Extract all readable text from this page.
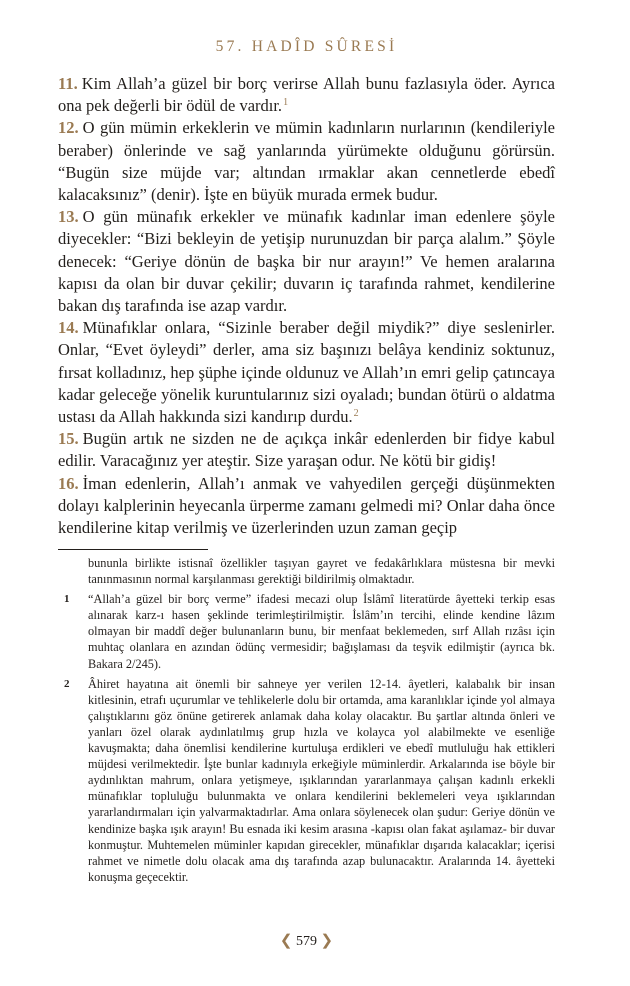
57. HADÎD SÛRESİ

11. Kim Allah’a güzel bir borç verirse Allah bunu fazlasıyla öder. Ayrıca ona pek değerli bir ödül de vardır.$^1$

12. O gün mümin erkeklerin ve mümin kadınların nurlarının (kendileriyle beraber) önlerinde ve sağ yanlarında yürümekte olduğunu görürsün. “Bugün size müjde var; altından ırmaklar akan cennetlerde ebedî kalacaksınız” (denir). İşte en büyük murada ermek budur.

13. O gün münafık erkekler ve münafık kadınlar iman edenlere şöyle diyecekler: “Bizi bekleyin de yetişip nurunuzdan bir parça alalım.” Şöyle denecek: “Geriye dönün de başka bir nur arayın!” Ve hemen aralarına kapısı da olan bir duvar çekilir; duvarın iç tarafında rahmet, kendilerine bakan dış tarafında ise azap vardır.

14. Münafıklar onlara, “Sizinle beraber değil miydik?” diye seslenirler. Onlar, “Evet öyleydi” derler, ama siz başınızı belâya kendiniz soktunuz, fırsat kolladınız, hep şüphe içinde oldunuz ve Allah’ın emri gelip çatıncaya kadar geleceğe yönelik kuruntularınız sizi oyaladı; bundan ötürü o aldatma ustası da Allah hakkında sizi kandırıp durdu.$^2$

15. Bugün artık ne sizden ne de açıkça inkâr edenlerden bir fidye kabul edilir. Varacağınız yer ateştir. Size yaraşan odur. Ne kötü bir gidiş!

16. İman edenlerin, Allah’ı anmak ve vahyedilen gerçeği düşünmekten dolayı kalplerinin heyecanla ürperme zamanı gelmedi mi? Onlar daha önce kendilerine kitap verilmiş ve üzerlerinden uzun zaman geçip

bununla birlikte istisnaî özellikler taşıyan gayret ve fedakârlıklara müstesna bir mevki tanınmasının normal karşılanması gerektiği bildirilmiş olmaktadır.

1 “Allah’a güzel bir borç verme” ifadesi mecazi olup İslâmî literatürde âyetteki terkip esas alınarak karz-ı hasen şeklinde terimleştirilmiştir. İslâm’ın tercihi, elinde kendine lâzım olmayan bir maddî değer bulunanların bunu, bir menfaat beklemeden, sırf Allah rızâsı için muhtaç olanlara en azından ödünç vermesidir; bağışlaması da teşvik edilmiştir (ayrıca bk. Bakara 2/245).

2 Âhiret hayatına ait önemli bir sahneye yer verilen 12-14. âyetleri, kalabalık bir insan kitlesinin, etrafı uçurumlar ve tehlikelerle dolu bir ortamda, ama karanlıklar içinde yol almaya çalıştıklarını göz önüne getirerek anlamak daha kolay olacaktır. Bu şartlar altında önleri ve yanları özel olarak aydınlatılmış grup hızla ve kolayca yol alabilmekte ve esenliğe kavuşmakta; daha önemlisi kendilerine kurtuluşa erdikleri ve ebedî mutluluğu hak ettikleri müjdesi verilmektedir. İşte bunlar kadınıyla erkeğiyle müminlerdir. Arkalarında ise böyle bir aydınlıktan mahrum, onlara yetişmeye, ışıklarından yararlanmaya çalışan kadınlı erkekli münafıklar topluluğu bulunmakta ve onlara kendilerini beklemeleri veya ışıklarından yararlandırmaları için yalvarmaktadırlar. Ama onlara söylenecek olan şudur: Geriye dönün ve kendinize başka ışık arayın! Bu esnada iki kesim arasına -kapısı olan fakat aşılamaz- bir duvar konmuştur. Muhtemelen müminler kapıdan girecekler, münafıklar dışarıda kalacaklar; içerisi rahmet ve nimetle dolu olacak ama dış tarafında azap bulunacaktır. Aralarında 14. âyetteki konuşma geçecektir.

❮ 579 ❯
